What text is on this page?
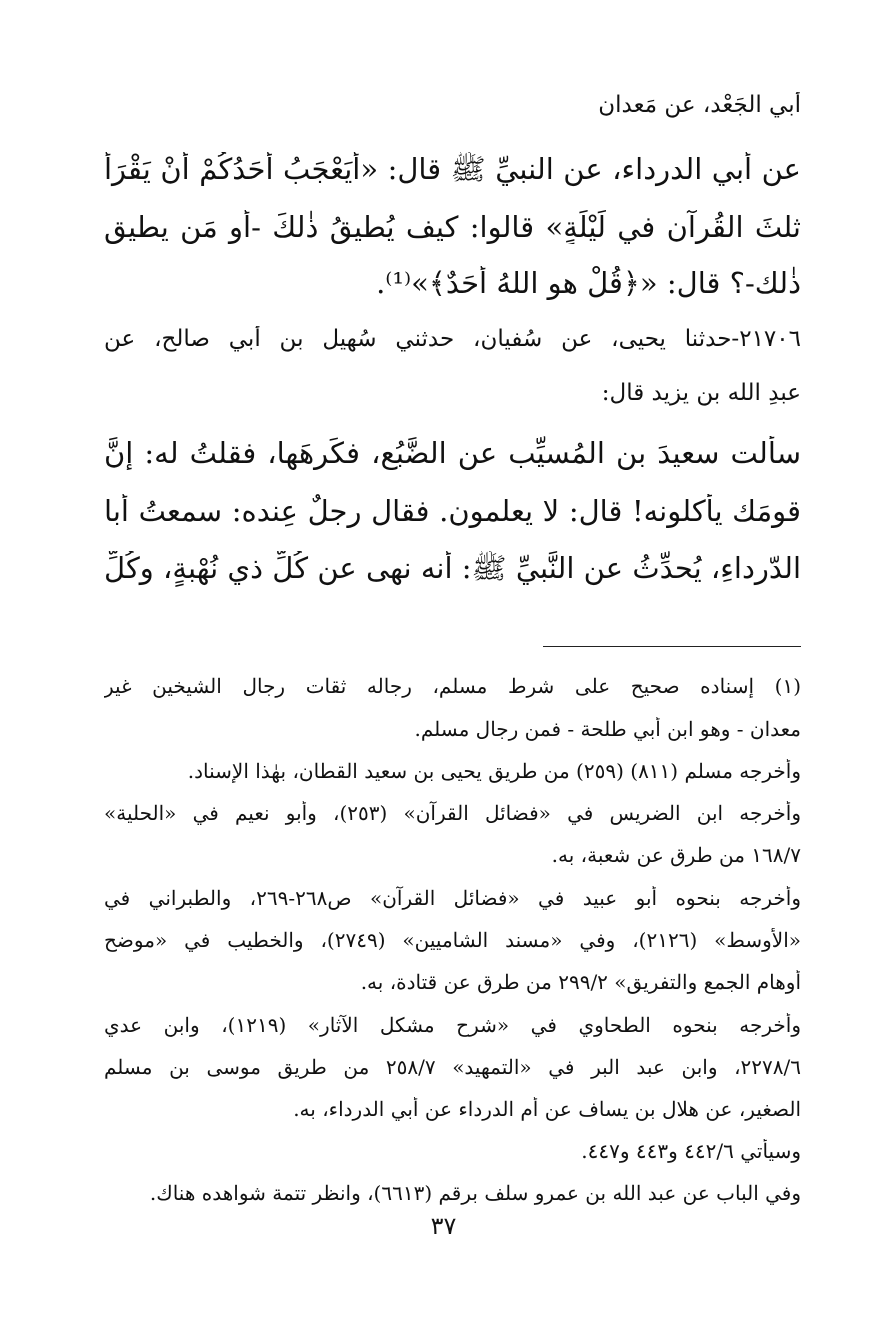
أبي الجَعْد، عن مَعدان
عن أبي الدرداء، عن النبيِّ ﷺ قال: «أَيَعْجَبُ أَحَدُكُمْ أَنْ يَقْرَأَ
ثلثَ القُرآنِ في لَيْلَةٍ» قالوا: كيف يُطيقُ ذٰلكَ -أو مَن يطيق
ذٰلك-؟ قال: «﴿قُلْ هو اللهُ أَحَدٌ﴾»⁽¹⁾.
٢١٧٠٦-حدثنا يحيى، عن سُفيان، حدثني سُهيل بن أبي صالح، عن
عبدِ الله بن يزيد قال:
سألت سعيدَ بن المُسيِّب عن الضَّبُع، فكَرِهَها، فقلتُ له: إنَّ
قومَك يأكلونه! قال: لا يعلمون. فقال رجلٌ عِنده: سمعتُ أبا
الدّرداءِ، يُحدِّثُ عن النَّبيِّ ﷺ: أنه نهى عن كُلِّ ذي نُهْبةٍ، وكُلِّ
(١) إسناده صحيح على شرط مسلم، رجاله ثقات رجال الشيخين غير
معدان - وهو ابن أبي طلحة - فمن رجال مسلم.
وأخرجه مسلم (٨١١) (٢٥٩) من طريق يحيى بن سعيد القطان، بهٰذا الإسناد.
وأخرجه ابن الضريس في «فضائل القرآن» (٢٥٣)، وأبو نعيم في «الحلية»
١٦٨/٧ من طرق عن شعبة، به.
وأخرجه بنحوه أبو عبيد في «فضائل القرآن» ص٢٦٨-٢٦٩، والطبراني في
«الأوسط» (٢١٢٦)، وفي «مسند الشاميين» (٢٧٤٩)، والخطيب في «موضح
أوهام الجمع والتفريق» ٢٩٩/٢ من طرق عن قتادة، به.
وأخرجه بنحوه الطحاوي في «شرح مشكل الآثار» (١٢١٩)، وابن عدي
٢٢٧٨/٦، وابن عبد البر في «التمهيد» ٢٥٨/٧ من طريق موسى بن مسلم
الصغير، عن هلال بن يساف عن أم الدرداء عن أبي الدرداء، به.
وسيأتي ٤٤٢/٦ و٤٤٣ و٤٤٧.
وفي الباب عن عبد الله بن عمرو سلف برقم (٦٦١٣)، وانظر تتمة شواهده هناك.
٣٧
